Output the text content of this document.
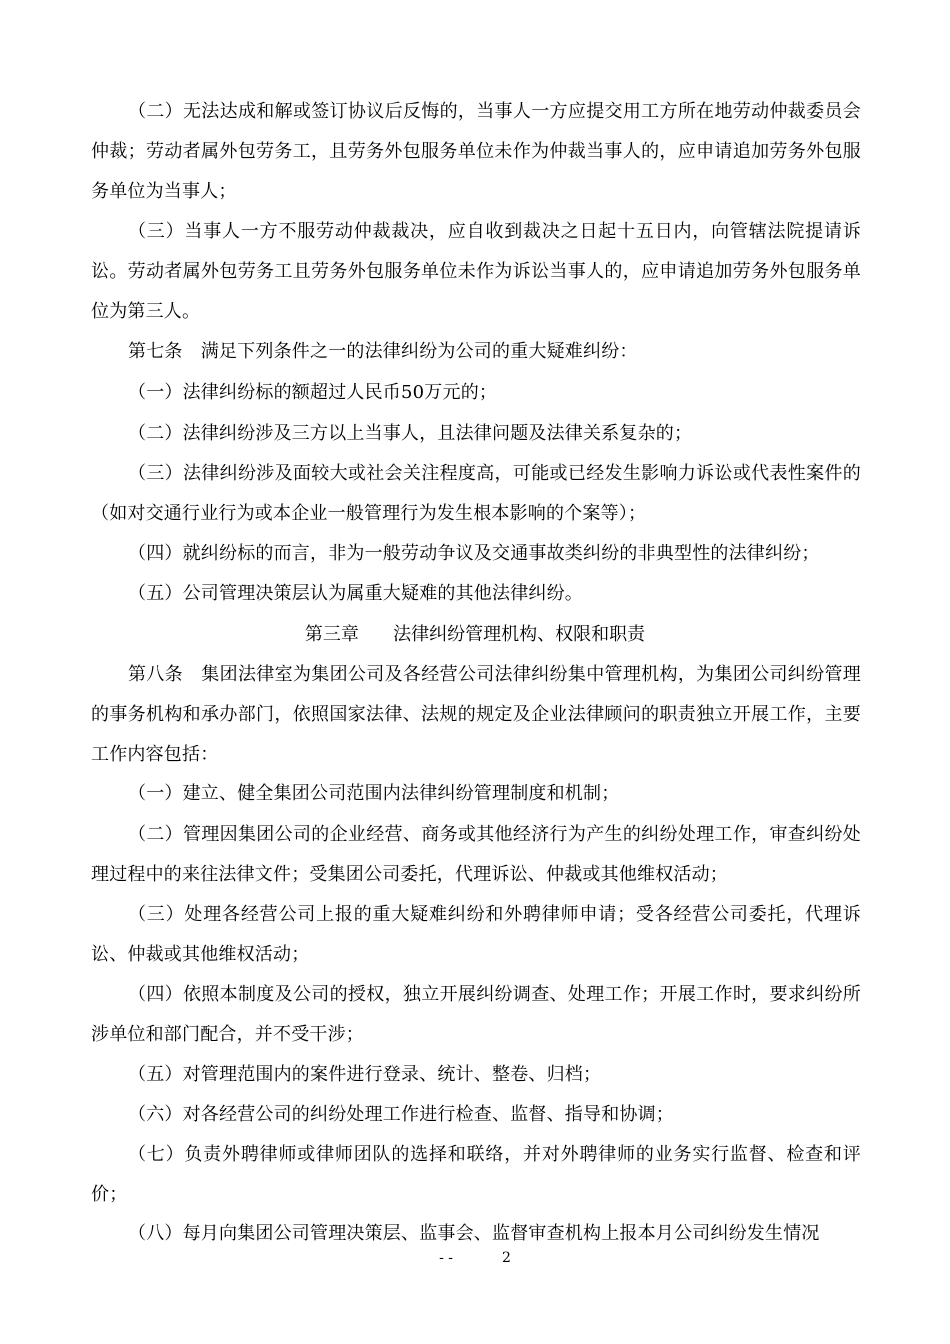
（二）无法达成和解或签订协议后反悔的，当事人一方应提交用工方所在地劳动仲裁委员会仲裁；劳动者属外包劳务工，且劳务外包服务单位未作为仲裁当事人的，应申请追加劳务外包服务单位为当事人；

（三）当事人一方不服劳动仲裁裁决，应自收到裁决之日起十五日内，向管辖法院提请诉讼。劳动者属外包劳务工且劳务外包服务单位未作为诉讼当事人的，应申请追加劳务外包服务单位为第三人。

第七条　满足下列条件之一的法律纠纷为公司的重大疑难纠纷：

（一）法律纠纷标的额超过人民币50万元的；

（二）法律纠纷涉及三方以上当事人，且法律问题及法律关系复杂的；

（三）法律纠纷涉及面较大或社会关注程度高，可能或已经发生影响力诉讼或代表性案件的（如对交通行业行为或本企业一般管理行为发生根本影响的个案等）；

（四）就纠纷标的而言，非为一般劳动争议及交通事故类纠纷的非典型性的法律纠纷；

（五）公司管理决策层认为属重大疑难的其他法律纠纷。

第三章 法律纠纷管理机构、权限和职责

第八条　集团法律室为集团公司及各经营公司法律纠纷集中管理机构，为集团公司纠纷管理的事务机构和承办部门，依照国家法律、法规的规定及企业法律顾问的职责独立开展工作，主要工作内容包括：

（一）建立、健全集团公司范围内法律纠纷管理制度和机制；

（二）管理因集团公司的企业经营、商务或其他经济行为产生的纠纷处理工作，审查纠纷处理过程中的来往法律文件；受集团公司委托，代理诉讼、仲裁或其他维权活动；

（三）处理各经营公司上报的重大疑难纠纷和外聘律师申请；受各经营公司委托，代理诉讼、仲裁或其他维权活动；

（四）依照本制度及公司的授权，独立开展纠纷调查、处理工作；开展工作时，要求纠纷所涉单位和部门配合，并不受干涉；

（五）对管理范围内的案件进行登录、统计、整卷、归档；

（六）对各经营公司的纠纷处理工作进行检查、监督、指导和协调；

（七）负责外聘律师或律师团队的选择和联络，并对外聘律师的业务实行监督、检查和评价；

（八）每月向集团公司管理决策层、监事会、监督审查机构上报本月公司纠纷发生情况

- -	2
